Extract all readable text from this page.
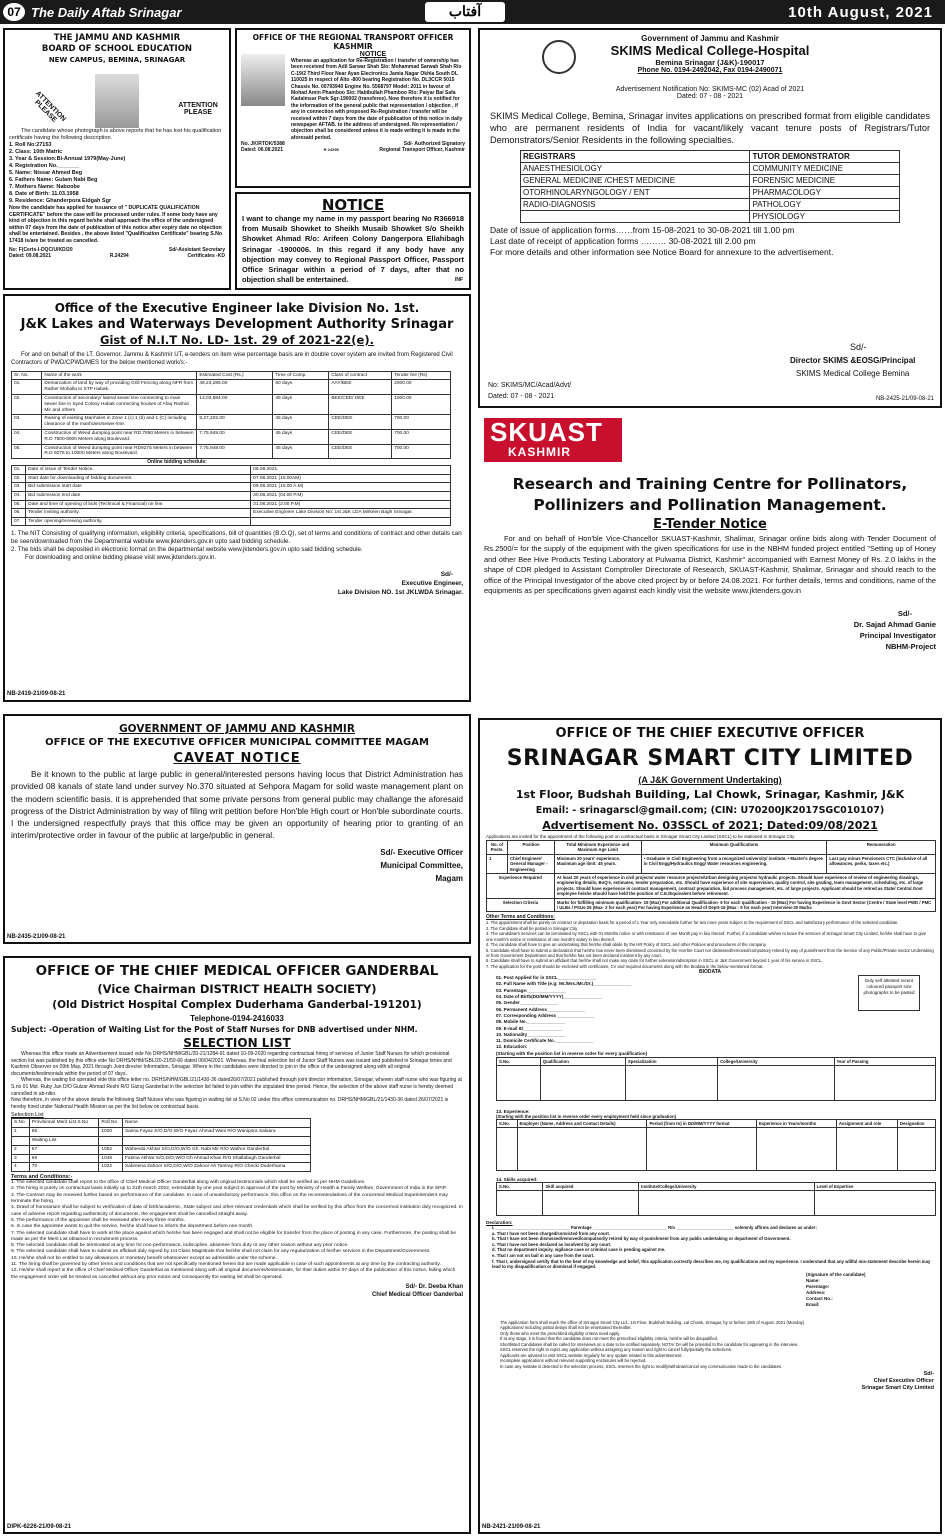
07 The Daily Aftab Srinagar	آفتاب	10th August, 2021
THE JAMMU AND KASHMIR
BOARD OF SCHOOL EDUCATION
NEW CAMPUS, BEMINA, SRINAGAR
ATTENTION PLEASE	ATTENTION PLEASE
The candidate whose photograph is above reports that he has lost his qualification certificate having the following description.
1. Roll No:27153
2. Class: 10th Matric
3. Year & Session:Bi-Annual 1979(May-June)
4. Registration No._______
5. Name: Nissar Ahmed Beg
6. Fathers Name: Gulam Nabi Beg
7. Mothers Name: Naboobe
8. Date of Birth: 11.03.1958
9. Residence: Ghanderpora Eidgah Sgr
Now the candidate has applied for issuance of " DUPLICATE QUALIFICATION CERTIFICATE" before the case will be processed under rules. If some body have any kind of objection in this regard he/she shall approach the office of the undersigned within 07 days from the date of publication of this notice after expiry date no objection shall be entertained. Besides , the above listed "Qualification Certificate" bearing S.No 17418 is/are be treated as cancelled.
No: F(Certs-I-DQC/U/KD/20	Sd/-Assistant Secretary
Dated: 09.08.2021	R.24294	Certificates -KD
OFFICE OF THE REGIONAL TRANSPORT OFFICER KASHMIR
NOTICE
Whereas an application for Re-Registration / transfer of ownership has been received from Adil Sarwar Shah S/o: Mohammad Sarwah Shah R/o C-19/2 Third Floor Near Ayan Electronics Jamia Nagar Okhla South DL 110025 in respect of Alto -800 bearing Registration No. DL3CCR 5015 Chassis No. 00793940 Engine No. 5568797 Model: 2011 in favour of Mohad Amin Phamboo S/o: Habibullah Phamboo R/o: Paiyar Bal Safa Kadalmsar Park Sgr-190002 (transferee). Now therefore it is notified for the information of the general public that representation / objection , if any in connection with proposed Re-Registration / transfer will be received within 7 days from the date of publication of this notice in daily newspaper AFTAB. to the address of undersigned. No representation / objection shall be considered unless it is made writing it is made in the aforesaid period.
No. JK/RTOK/5388	Sd/- Authorized Signatory
Dated: 06.08.2021	R 24295	Regional Transport Officer, Kashmir
NOTICE
I want to change my name in my passport bearing No R366918 from Musaib Showket to Sheikh Musaib Showket S/o Sheikh Showket Ahmad R/o: Arifeen Colony Dangerpora Ellahibagh Srinagar -1900006. In this regard if any body have any objection may convey to Regional Passport Officer, Passport Office Srinagar within a period of 7 days, after that no objection shall be entertained.	INF
Government of Jammu and Kashmir
SKIMS Medical College-Hospital
Bemina Srinagar (J&K)-190017
Phone No. 0194-2492042, Fax 0194-2490071
Advertisement Notification No: SKIMS-MC (02) Acad of 2021
Dated: 07 - 08 - 2021
SKIMS Medical College, Bemina, Srinagar invites applications on prescribed format from eligible candidates who are permanent residents of India for vacant/likely vacant tenure posts of Registrars/Tutor Demonstrators/Senior Residents in the following specialties.
REGISTRARS	TUTOR DEMONSTRATOR
ANAESTHESIOLOGY	COMMUNITY MEDICINE
GENERAL MEDICINE /CHEST MEDICINE	FORENSIC MEDICINE
OTORHINOLARYNGOLOGY / ENT	PHARMACOLOGY
RADIO-DIAGNOSIS	PATHOLOGY
	PHYSIOLOGY
Date of issue of application forms……from 15-08-2021 to 30-08-2021 till 1.00 pm
Last date of receipt of application forms ……… 30-08-2021 till 2.00 pm
For more details and other information see Notice Board for annexure to the advertisement.
Sd/-
Director SKIMS &EOSG/Principal
SKIMS Medical College Bemina
No: SKIMS/MC/Acad/Advt/
Dated: 07 - 08 - 2021	NB-2425-21/09-08-21
Office of the Executive Engineer lake Division No. 1st.
J&K Lakes and Waterways Development Authority Srinagar
Gist of N.I.T No. LD- 1st. 29 of 2021-22(e).
For and on behalf of the LT. Governor, Jammu & Kashmir UT, e-tenders on item wise percentage basis are in double cover system are invited from Registered Civil Contractors of PWD/CPWD/MES for the below mentioned work/s:-
Sr. No.	Name of the work	Estimated Cost (Rs.)	Time of Comp.	Class of contract	Tender fee (Rs)
01.	Demarcation of land by way of providing Grill Fencing along NFR from Rather Mohalla to STP Habak.	49,23,285.00	60 days	AAY/BEE	2000.00
02.	Construction of secondary/ lateral sewer line connecting to main sewer line in Syed Colony Habak connecting houses of Afaq Rashid Mir and others	13,03,984.00	45 days	BEE/CEE/ DEE	1000.00
03.	Raising of existing Manholes in Zone 1 (c) 1 (b) and 1 (C) including clearance of the manholes/sewer-line.	8,27,202.00	45 days	CEE/DEE	700.00
04.	Construction of Weed dumping point near RD.7650 Meters in between R.D 7500-8000 Meters along Boulevard.	7,75,948.00	45 days	CEE/DEE	700.00
05.	Construction of Weed dumping point near RD9275 Meters in between R.D 9275 to 10000 Meters along Boulevard.	7,75,948.00	45 days	CEE/DEE	700.00
Online bidding schedule:
01.	Date of issue of Tender Notice.	06.08.2021.
02.	Start date for downloading of bidding documents.	07.08.2021 (10.00AM)
03.	Bid submission start date	09.08.2021 (10.00 A.M)
04.	Bid submission end date	30.08.2021 (04.00 P.M)
05.	Date and time of opening of bids (Technical & Financial) on line.	31.08.2021 (2.00 P.M)
06.	Tender inviting authority.	Executive Engineer Lake Division No: 1st J&K LDA Mirkeen Bagh Srinagar.
07.	Tender opening/receiving authority.	
1. The NIT Consisting of qualifying information, eligibility criteria, specifications, bill of quantities (B.O.Q), set of terms and conditions of contract and other details can be seen/downloaded from the Departmental website www.jktenders.gov.in upto said bidding schedule.
2. The bids shall be deposited in electronic format on the departmental website www.jktenders.gov.in upto said bidding schedule.
For downloading and online bidding please visit www.jktenders.gov.in.
Sd/-
Executive Engineer,
Lake Division NO. 1st JKLWDA Srinagar.
NB-2419-21/09-08-21
SKUAST
KASHMIR
Research and Training Centre for Pollinators,
Pollinizers and Pollination Management.
E-Tender Notice
For and on behalf of Hon'ble Vice-Chancellor SKUAST-Kashmir, Shalimar, Srinagar online bids along with Tender Document of Rs.2500/= for the supply of the equipment with the given specifications for use in the NBHM funded project entitled "Setting up of Honey and other Bee Hive Products Testing Laboratory at Pulwama District, Kashmir" accompanied with Earnest Money of Rs. 2.0 lakhs in the shape of CDR pledged to Assistant Comptroller Directorate of Research, SKUAST-Kashmir, Shalimar, Srinagar and should reach to the office of the Principal Investigator of the above cited project by or before 24.08.2021. For further details, terms and conditions, name of the equipments as per specifications given against each kindly visit the website www.jktenders.gov.in
Sd/-
Dr. Sajad Ahmad Ganie
Principal Investigator
NBHM-Project
GOVERNMENT OF JAMMU AND KASHMIR
OFFICE OF THE EXECUTIVE OFFICER MUNICIPAL COMMITTEE MAGAM
CAVEAT NOTICE
Be it known to the public at large public in general/interested persons having locus that District Administration has provided 08 kanals of state land under survey No.370 situated at Sehpora Magam for solid waste management plant on the modern scientific basis. it is apprehended that some private persons from general public may challange the aforesaid progress of the District Administration by way of filing writ petition before Hon'ble High court or Hon'ble subordinate courts. I the undersigned respectfully prays that this office may be given an opportunity of hearing prior to granting of an interim/protective order in favour of the public at large/public in general.
Sd/- Executive Officer
Municipal Committee,
Magam
NB-2435-21/09-08-21
OFFICE OF THE CHIEF MEDICAL OFFICER GANDERBAL
(Vice Chairman DISTRICT HEALTH SOCIETY)
(Old District Hospital Complex Duderhama Ganderbal-191201)
Telephone-0194-2416033
Subject: -Operation of Waiting List for the Post of Staff Nurses for DNB advertised under NHM.
SELECTION LIST
Whereas this office made an Advertisement issued vide No DRHS/NHM/GBL/20-21/1284-91 dated 10-09-2020 regarding contractual hiring of services of Junior Staff Nurses for which provisional section list was published by this office vide No DRHS/NHM/GBL/20-21/59-66 dated 06/04/2021. Whereas, the final selection list of Junior Staff Nurses was issued and published in Srinagar times and Kashmir Observer on 09th May, 2021 through Joint director Information, Srinagar. Where in the candidates were directed to join in the office of the undersigned along with all original documents/testimonials within the period of 07 days.
Whereas, the waiting list operated vide this office letter no. DRHS/NHM/GBL/21/1430-36 dated26/07/2021 published through joint director information, Srinagar, wherein staff nurse who was figuring at S.no 01 Mst. Ruby Jan D/O Gulzar Ahmad Reshi R/O Gizraj Ganderbal in the selection list failed to join within the stipulated time period. Hence, the selection of the above staff nurse is hereby deemed cancelled in ab-nitio.
Now therefore, in view of the above details the following Staff Nurses who was figuring in waiting list at S.No 02 under this office communication no. DRHS/NHM/GBL/21/1430-36 dated 26/07/2021 is hereby hired under National Health Mission as per the list below on contractual basis.
Selection List
S.No	Provisional Merit List S.No	Roll No	Name
1	66	1020	Saima Fayaz S/O,D/O,W/O Fayaz Ahmad Wani R/O Wanipora Salaara
	Waiting List		
2	67	1052	Waheeda Akhtar S/O,D/O,W/O Gh. Nabi Mir R/O Wathor Ganderbal
3	69	1045	Fatima Akhtar S/O,D/O,W/O Gh Ahmad Khan R/O Shallabugh Ganderbal
4	70	1022	Sabreena Zahoor S/O,D/O,W/O Zahoor Ah Tantray R/O Checki Duderhama
Terms and Conditions:-
1. The selected candidate shall report to the office of Chief Medical Officer Ganderbal along with original testimonials which shall be verified as per NHM Guidelines.
2. The hiring is purely on contractual basis initially up to 31th march 2022, extendable by one year subject to approval of the post by Ministry of Health & Family Welfare, Government of India in the SPIP.
3. The Contract may be renewed further based on performance of the candidate. In case of unsatisfactory performance, this office on the recommendations of the concerned Medical Superintendent may terminate the hiring.
4. Drawl of honorarium shall be subject to verification of date of birth/academic, State subject and other relevant credentials which shall be verified by this office from the concerned institution duly recognized. In case of adverse report regarding authenticity of documents, the engagement shall be cancelled straight away.
5. The performance of the appointee shall be reviewed after every three months.
6. In case the appointee wants to quit the service, he/she shall have to inform the department before one month.
7. The selected candidate shall have to work at the place against which he/she has been engaged and shall not be eligible for transfer from the place of posting in any case. Furthermore, the posting shall be made as per the Merit List obtained in recruitment process.
8. The selected candidate shall be terminated at any time for non-performance, indiscipline, absentee from duty or any other reason without any prior notice.
9. The selected candidate shall have to submit an affidavit duly signed by 1st Class Magistrate that he/she shall not claim for any regularization of his/her services in the Department/Government.
10. He/she shall not be entitled to any allowances or monetary benefit whatsoever except as admissible under the scheme.
11. The hiring shall be governed by other terms and conditions that are not specifically mentioned herein but are made applicable in case of such appointments at any time by the contracting authority.
12. He/she shall report in the office of Chief Medical Officer Ganderbal as mentioned along with all original documents/testimonials, for their duties within 07 days of the publication of this notice, failing which the engagement order will be treated as cancelled without any prior notice and consequently the waiting list shall be operated.
Sd/- Dr. Deeba Khan
Chief Medical Officer Ganderbal
DIPK-6226-21/09-08-21
OFFICE OF THE CHIEF EXECUTIVE OFFICER
SRINAGAR SMART CITY LIMITED
(A J&K Government Undertaking)
1st Floor, Budshah Building, Lal Chowk, Srinagar, Kashmir, J&K
Email: - srinagarscl@gmail.com; (CIN: U70200JK2017SGC010107)
Advertisement No. 03SSCL of 2021; Dated:09/08/2021
Applications are invited for the appointment of the following post on contractual basis in Srinagar Smart City Limited (SSCL) to be stationed in Srinagar City
No. of Posts.	Position	Total Minimum Experience and Maximum Age Limit	Minimum Qualifications	Remuneration
1	Chief Engineer/ General Manager - Engineering	Minimum 20 years' experience. Maximum age limit: 45 years.	• Graduate in Civil Engineering from a recognized university/ institute. • Master's degree in Civil Engg/Hydraulics Engg/ Water resources engineering.	Last pay minus Pensioners CTC (inclusive of all allowances, perks, taxes etc.)
Experience Required		At least 20 years of experience in civil projects/ water resource projects/Urban designing projects/ hydraulic projects. Should have experience of review of engineering drawings, engineering details, BoQ's, estimates, tender preparation, etc. Should have experience of site supervision, quality control, site grading, team management, scheduling, etc. of large projects. Should have experience in contract management, contract preparation, bid process management, etc. of large projects. Applicant should be retired as State/ Central Govt employee he/she should have held the position of C.E./Equivalent before retirement.		
Selection Criteria		Marks for fulfilling minimum qualification- 15 (Max) For additional Qualification- 5 for each qualification - 15 (Max) For having Experience in Govt Sector (Centre / State level PWD / PMC / ULBs / PSUs-25 (Max- 2 for each year) For having Experience as Head of Deptt-15 (Max - 5 for each year) Interview-30 Marks		
Other Terms and Conditions:
1. The appointment shall be purely on contract or deputation basis for a period of 1 Year only extendable further for two more years subject to the requirement of SSCL and satisfactory performance of the selected candidate.
2. The Candidate shall be posted in Srinagar City.
3. The candidate's services can be terminated by SSCL with 01 Months notice or with remittance of one Month pay in lieu thereof. Further, if a candidate wishes to leave the services of Srinagar Smart City Limited, he/she shall have to give one month's notice or remittance of one month's salary in lieu thereof.
4. The candidate shall have to give an undertaking that he/she shall abide by the HR Policy of SSCL and other Policies and procedures of the company.
5. Candidate shall have to submit a declaration that he/she has never been dismissed/ convicted by the Hon'ble Court nor dismissed/removed/compulsory retired by way of punishment from the Service of any Public/Private Sector Undertaking or from Government Department and that he/she has not been declared insolvent by any court.
6. Candidate shall have to submit an affidavit that he/she shall not make any claim for further extension/absorption in SSCL or J&K Government beyond 1 year of his service in SSCL.
7. The application for the post should be enclosed with certificates, CV and required documents along with the Biodata in the below mentioned format.
BIODATA
Duly self attested recent coloured passport size photographs to be pasted
01. Post Applied for in SSCL_______________
02. Full Name with Title (e.g: Mr./Mrs./Mr./Dr.)_______________
03. Parentage:_______________
04. Date of Birth(DD/MM/YYYY)_______________
05. Gender_______________
06. Permanent Address_______________
07. Corresponding Address_______________
08. Mobile No._______________
09. E-mail ID_______________
10. Nationality_______________
11. Domicile Certificate No._______________
12. Education:
(Starting with the position list in reverse order for every qualification)
S.No.	Qualification	Specialization	College/University	Year of Passing

13. Experience:
(Starting with the position list in reverse order every employment held since graduation)
S.No.	Employer (Name, Address and Contact Details)	Period (from to) in DD/MM/YYYY format	Experience in Years/months	Assignment and role	Designation

14. Skills acquired:
S.No.	Skill acquired	Institute/College/University	Level of Expertise

Declaration:
I, _______________________________ Parentage _______________________________ R/o ________________________ solemnly affirms and declares as under:
a. That I have not been charged/convicted from any court.
b. That I have not been dismissed/removed/compulsorily retired by way of punishment from any public undertaking or department of Government.
c. That I have not been declared as insolvent by any court.
d. That no department inquiry, vigilance case or criminal case is pending against me.
e. That I am not on bail in any case from the court.
f. That I, undersigned certify that to the best of my knowledge and belief, this application correctly describes me, my qualifications and my experience. I understand that any willful mis-statement describe herein may lead to my disqualification or dismissal if engaged.
(Signature of the candidate)
Name:
Parentage:
Address:
Contact No.:
Email:
The application form shall reach the office of Srinagar Smart City Ltd., 1st Floor, Budshah Building, Lal Chowk, Srinagar, by or before 16th of August, 2021 (Monday).
Applications/ including postal delays shall not be entertained thereafter.
Only those who meet the prescribed eligibility criteria need apply.
If at any stage, it is found that the candidate does not meet the prescribed eligibility criteria, he/she will be disqualified.
Shortlisted Candidates shall be called for interviews on a date to be notified separately. NOTA/ DA will be provided to the candidate for appearing in the interview.
SSCL reserves the right to reject any application without assigning any reason and right to cancel fully/partially the selections.
Applicants are advised to visit SSCL website regularly for any update related to this advertisement.
Incomplete applications without relevant supporting enclosures will be rejected.
In case any mistake is detected in the selection process, SSCL reserves the right to modify/withdraw/cancel any communication made to the candidates.
Sd/-
Chief Executive Officer
Srinagar Smart City Limited
NB-2421-21/09-08-21
